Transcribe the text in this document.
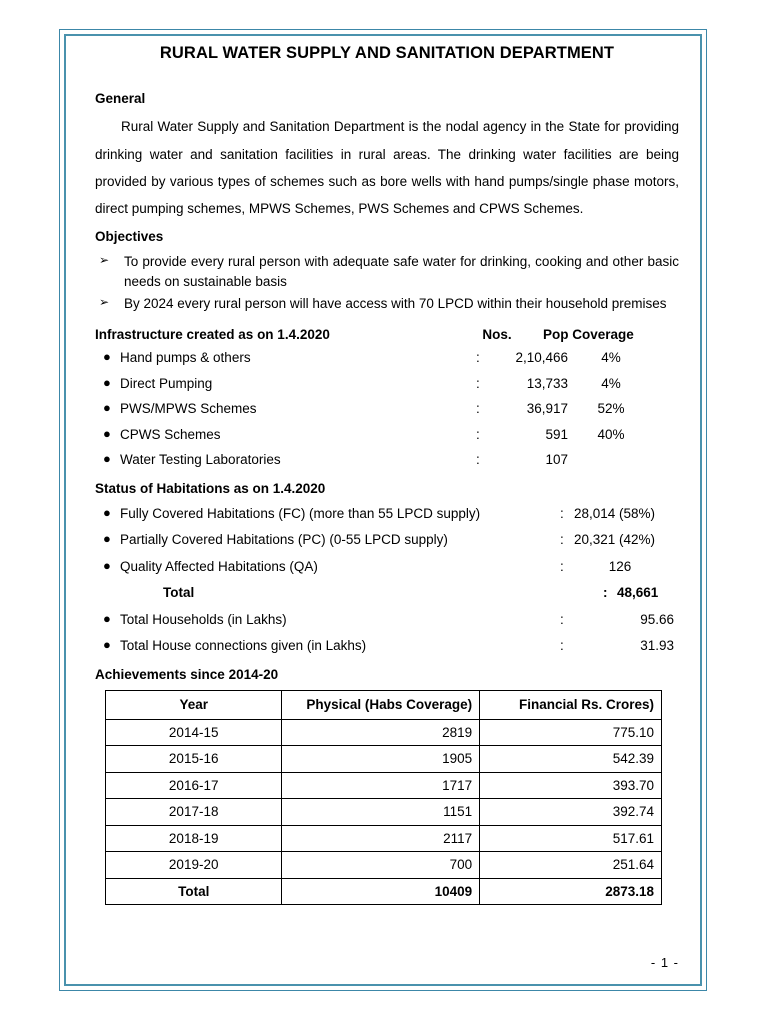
RURAL WATER SUPPLY AND SANITATION DEPARTMENT
General

Rural Water Supply and Sanitation Department is the nodal agency in the State for providing drinking water and sanitation facilities in rural areas. The drinking water facilities are being provided by various types of schemes such as bore wells with hand pumps/single phase motors, direct pumping schemes, MPWS Schemes, PWS Schemes and CPWS Schemes.

Objectives
➢ To provide every rural person with adequate safe water for drinking, cooking and other basic needs on sustainable basis
➢ By 2024 every rural person will have access with 70 LPCD within their household premises
Infrastructure created as on 1.4.2020	Nos.	Pop Coverage
● Hand pumps & others	:	2,10,466	4%
● Direct Pumping	:	13,733	4%
● PWS/MPWS Schemes	:	36,917	52%
● CPWS Schemes	:	591	40%
● Water Testing Laboratories	:	107
Status of Habitations as on 1.4.2020
● Fully Covered Habitations (FC) (more than 55 LPCD supply)	: 28,014 (58%)
● Partially Covered Habitations (PC) (0-55 LPCD supply)	: 20,321 (42%)
● Quality Affected Habitations (QA)	:	126
Total	: 48,661
● Total Households (in Lakhs)	:	95.66
● Total House connections given (in Lakhs)	:	31.93
Achievements since 2014-20
Year	Physical (Habs Coverage)	Financial Rs. Crores)
2014-15	2819	775.10
2015-16	1905	542.39
2016-17	1717	393.70
2017-18	1151	392.74
2018-19	2117	517.61
2019-20	700	251.64
Total	10409	2873.18
- 1 -
